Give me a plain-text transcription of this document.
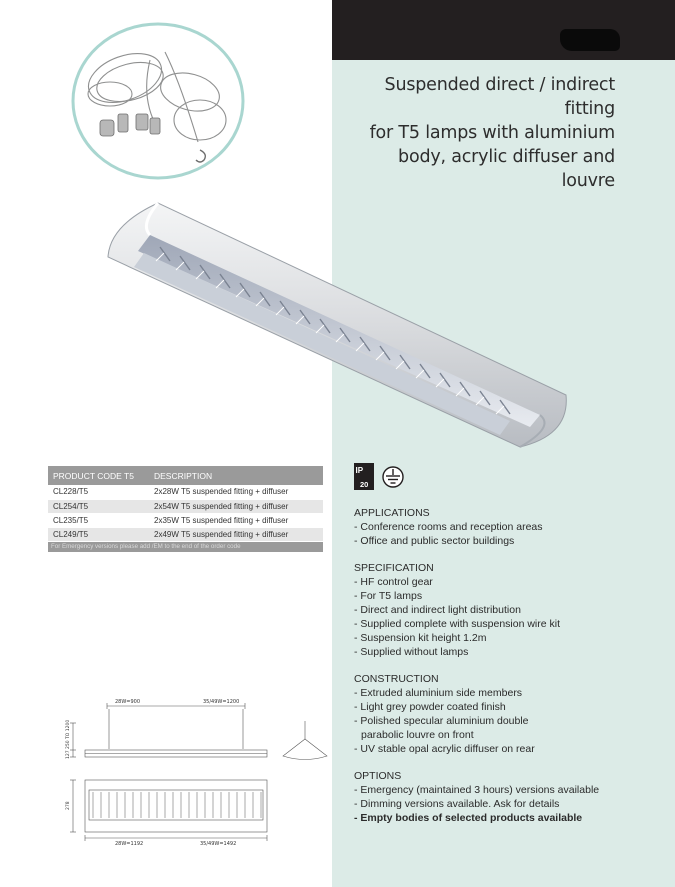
Suspended direct / indirect fitting
for T5 lamps with aluminium
body, acrylic diffuser and louvre
PRODUCT CODE T5	DESCRIPTION
CL228/T5	2x28W T5 suspended fitting + diffuser
CL254/T5	2x54W T5 suspended fitting + diffuser
CL235/T5	2x35W T5 suspended fitting + diffuser
CL249/T5	2x49W T5 suspended fitting + diffuser
For Emergency versions please add /EM to the end of the order code	
IP
20
APPLICATIONS
- Conference rooms and reception areas
- Office and public sector buildings
SPECIFICATION
- HF control gear
- For T5 lamps
- Direct and indirect light distribution
- Supplied complete with suspension wire kit
- Suspension kit height 1.2m
- Supplied without lamps
CONSTRUCTION
- Extruded aluminium side members
- Light grey powder coated finish
- Polished specular aluminium double
parabolic louvre on front
- UV stable opal acrylic diffuser on rear
OPTIONS
- Emergency (maintained 3 hours) versions available
- Dimming versions available. Ask for details
- Empty bodies of selected products available
28W=900	35/49W=1200
28W=1192	35/49W=1492
250 TO 1200
127
278
